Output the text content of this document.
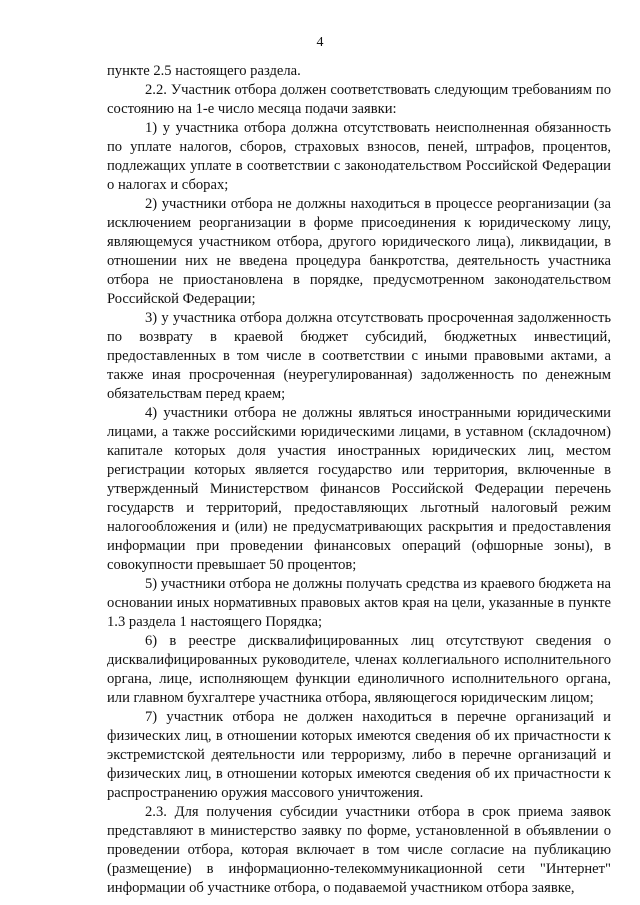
4

пункте 2.5 настоящего раздела.

2.2. Участник отбора должен соответствовать следующим требованиям по состоянию на 1-е число месяца подачи заявки:

1) у участника отбора должна отсутствовать неисполненная обязанность по уплате налогов, сборов, страховых взносов, пеней, штрафов, процентов, подлежащих уплате в соответствии с законодательством Российской Федерации о налогах и сборах;

2) участники отбора не должны находиться в процессе реорганизации (за исключением реорганизации в форме присоединения к юридическому лицу, являющемуся участником отбора, другого юридического лица), ликвидации, в отношении них не введена процедура банкротства, деятельность участника отбора не приостановлена в порядке, предусмотренном законодательством Российской Федерации;

3) у участника отбора должна отсутствовать просроченная задолженность по возврату в краевой бюджет субсидий, бюджетных инвестиций, предоставленных в том числе в соответствии с иными правовыми актами, а также иная просроченная (неурегулированная) задолженность по денежным обязательствам перед краем;

4) участники отбора не должны являться иностранными юридическими лицами, а также российскими юридическими лицами, в уставном (складочном) капитале которых доля участия иностранных юридических лиц, местом регистрации которых является государство или территория, включенные в утвержденный Министерством финансов Российской Федерации перечень государств и территорий, предоставляющих льготный налоговый режим налогообложения и (или) не предусматривающих раскрытия и предоставления информации при проведении финансовых операций (офшорные зоны), в совокупности превышает 50 процентов;

5) участники отбора не должны получать средства из краевого бюджета на основании иных нормативных правовых актов края на цели, указанные в пункте 1.3 раздела 1 настоящего Порядка;

6) в реестре дисквалифицированных лиц отсутствуют сведения о дисквалифицированных руководителе, членах коллегиального исполнительного органа, лице, исполняющем функции единоличного исполнительного органа, или главном бухгалтере участника отбора, являющегося юридическим лицом;

7) участник отбора не должен находиться в перечне организаций и физических лиц, в отношении которых имеются сведения об их причастности к экстремистской деятельности или терроризму, либо в перечне организаций и физических лиц, в отношении которых имеются сведения об их причастности к распространению оружия массового уничтожения.

2.3. Для получения субсидии участники отбора в срок приема заявок представляют в министерство заявку по форме, установленной в объявлении о проведении отбора, которая включает в том числе согласие на публикацию (размещение) в информационно-телекоммуникационной сети "Интернет" информации об участнике отбора, о подаваемой участником отбора заявке,
